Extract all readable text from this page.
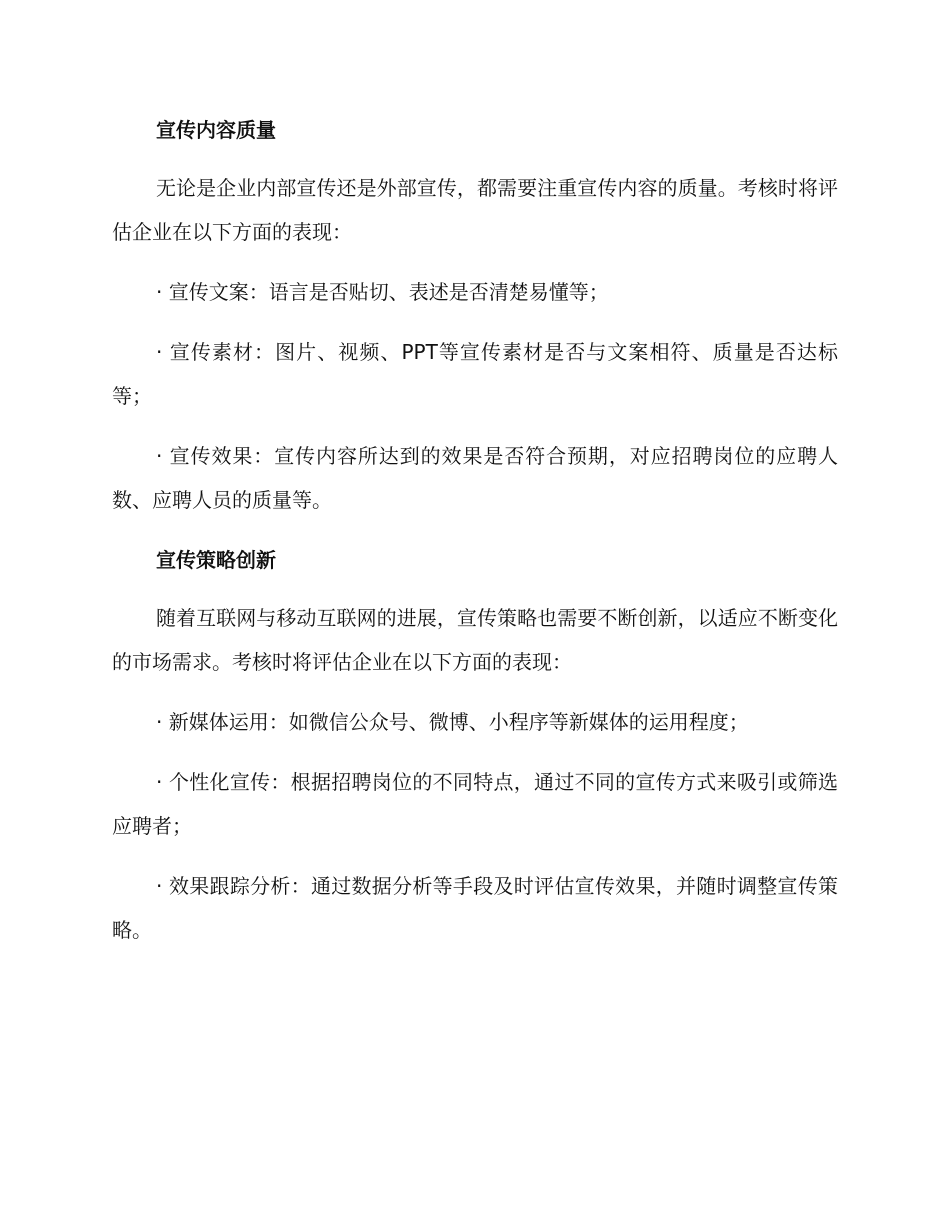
宣传内容质量

无论是企业内部宣传还是外部宣传，都需要注重宣传内容的质量。考核时将评估企业在以下方面的表现：

· 宣传文案：语言是否贴切、表述是否清楚易懂等；

· 宣传素材：图片、视频、PPT等宣传素材是否与文案相符、质量是否达标等；

· 宣传效果：宣传内容所达到的效果是否符合预期，对应招聘岗位的应聘人数、应聘人员的质量等。

宣传策略创新

随着互联网与移动互联网的进展，宣传策略也需要不断创新，以适应不断变化的市场需求。考核时将评估企业在以下方面的表现：

· 新媒体运用：如微信公众号、微博、小程序等新媒体的运用程度；

· 个性化宣传：根据招聘岗位的不同特点，通过不同的宣传方式来吸引或筛选应聘者；

· 效果跟踪分析：通过数据分析等手段及时评估宣传效果，并随时调整宣传策略。
